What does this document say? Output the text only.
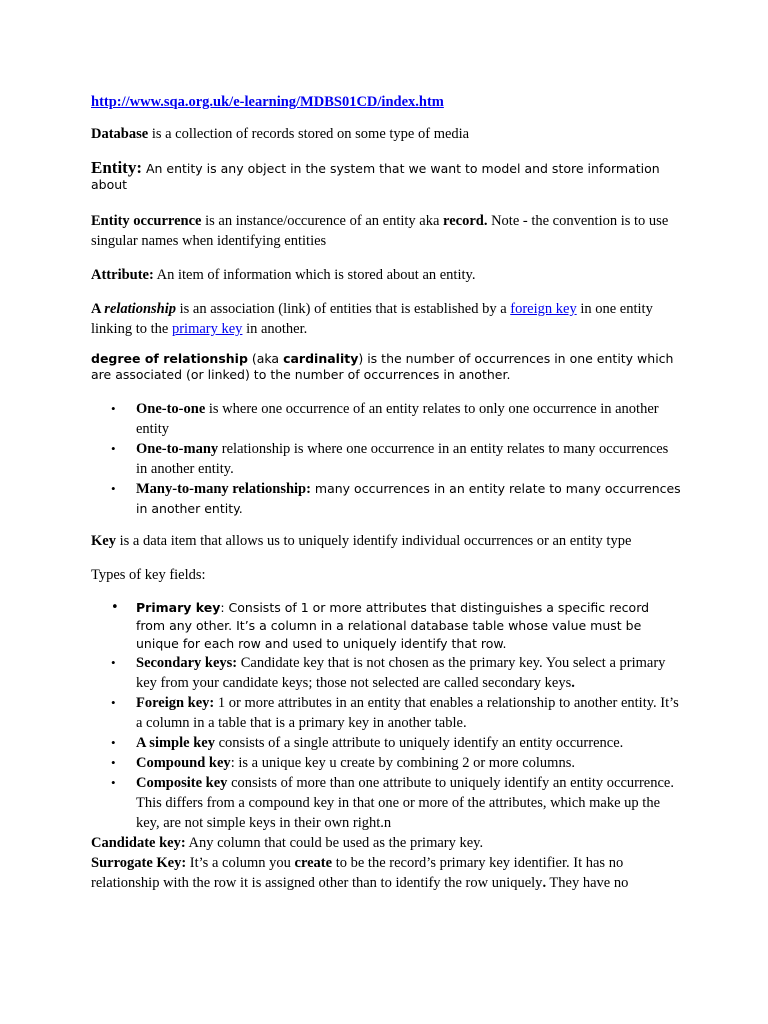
http://www.sqa.org.uk/e-learning/MDBS01CD/index.htm

Database is a collection of records stored on some type of media

Entity: An entity is any object in the system that we want to model and store information about

Entity occurrence is an instance/occurence of an entity aka record. Note - the convention is to use singular names when identifying entities

Attribute: An item of information which is stored about an entity.

A relationship is an association (link) of entities that is established by a foreign key in one entity linking to the primary key in another.

degree of relationship (aka cardinality) is the number of occurrences in one entity which are associated (or linked) to the number of occurrences in another.

• One-to-one is where one occurrence of an entity relates to only one occurrence in another entity
• One-to-many relationship is where one occurrence in an entity relates to many occurrences in another entity.
• Many-to-many relationship: many occurrences in an entity relate to many occurrences in another entity.

Key is a data item that allows us to uniquely identify individual occurrences or an entity type

Types of key fields:

• Primary key: Consists of 1 or more attributes that distinguishes a specific record from any other. It’s a column in a relational database table whose value must be unique for each row and used to uniquely identify that row.
• Secondary keys: Candidate key that is not chosen as the primary key. You select a primary key from your candidate keys; those not selected are called secondary keys.
• Foreign key: 1 or more attributes in an entity that enables a relationship to another entity. It’s a column in a table that is a primary key in another table.
• A simple key consists of a single attribute to uniquely identify an entity occurrence.
• Compound key: is a unique key u create by combining 2 or more columns.
• Composite key consists of more than one attribute to uniquely identify an entity occurrence. This differs from a compound key in that one or more of the attributes, which make up the key, are not simple keys in their own right.n

Candidate key: Any column that could be used as the primary key.

Surrogate Key: It’s a column you create to be the record’s primary key identifier. It has no relationship with the row it is assigned other than to identify the row uniquely. They have no
